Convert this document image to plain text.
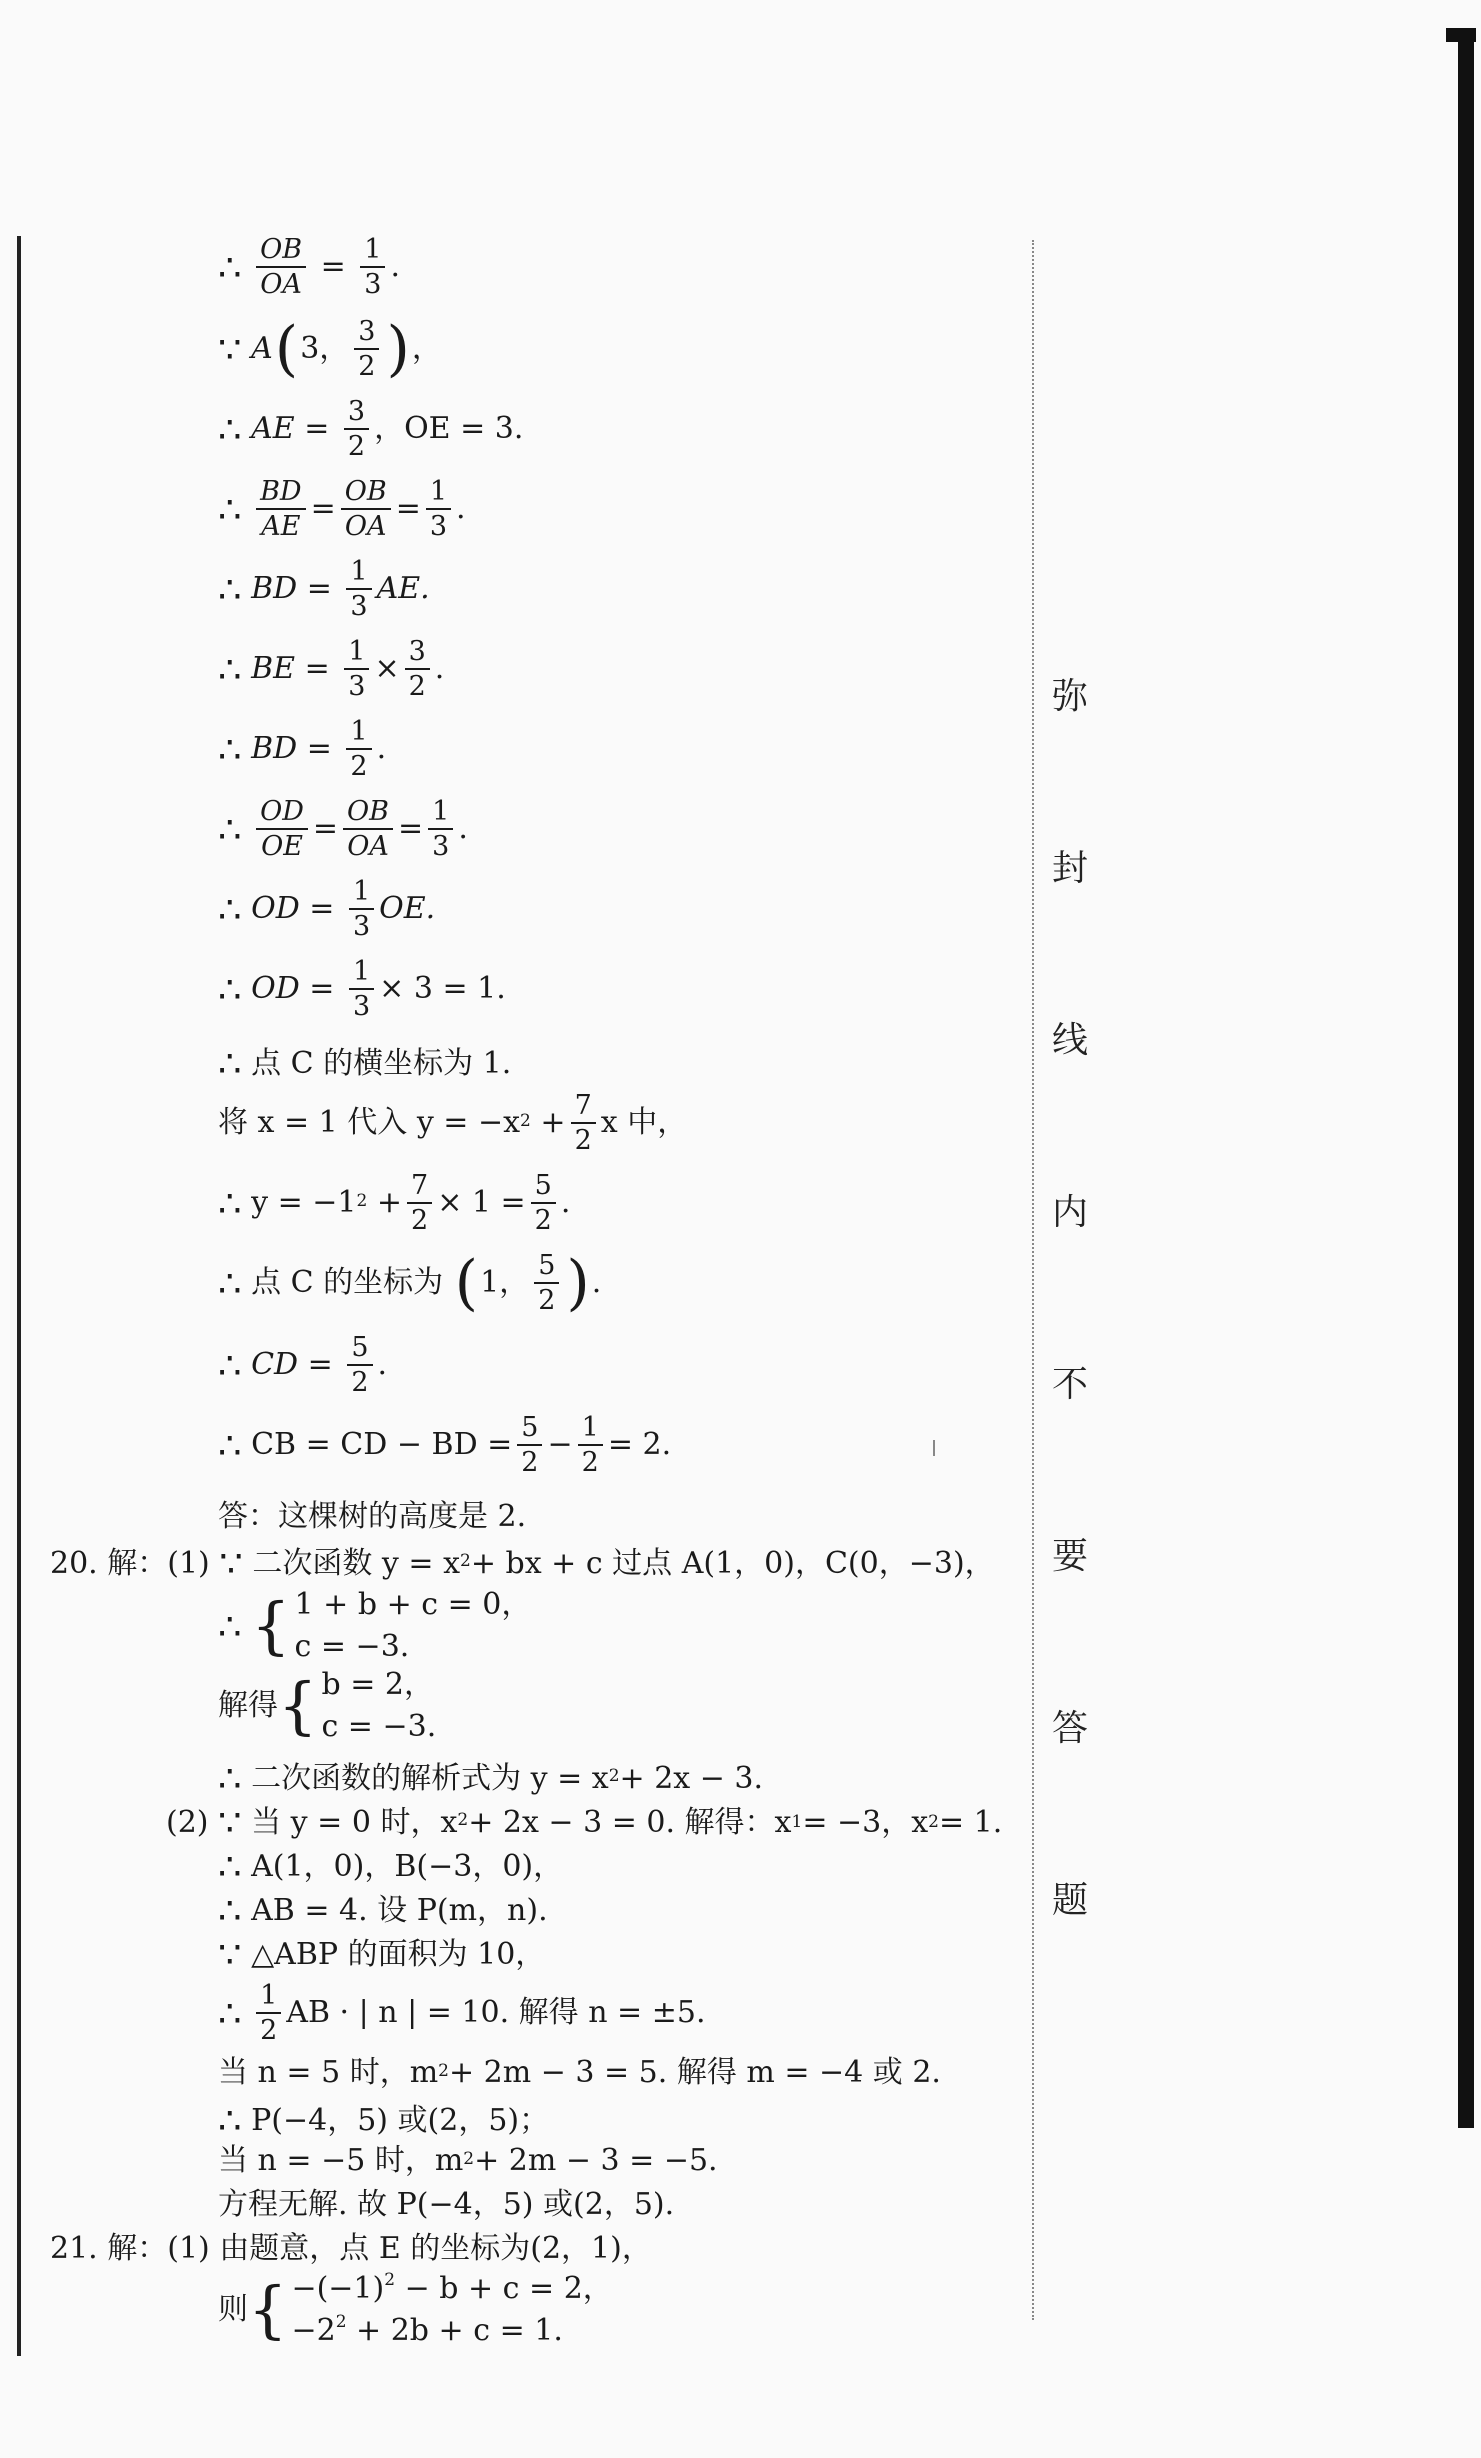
弥
封
线
内
不
要
答
题
∴
$\frac{OB}{OA} = \frac{1}{3}$ .
∵
A ( 3， $\frac{3}{2}$ ) ，
∴
AE = $\frac{3}{2}$ ，OE = 3.
∴
$\frac{BD}{AE} = \frac{OB}{OA} = \frac{1}{3}$ .
∴
BD = $\frac{1}{3}$ AE.
∴
BE = $\frac{1}{3} \times \frac{3}{2}$ .
∴
BD = $\frac{1}{2}$ .
∴
$\frac{OD}{OE} = \frac{OB}{OA} = \frac{1}{3}$ .
∴
OD = $\frac{1}{3}$ OE.
∴
OD = $\frac{1}{3} \times 3 = 1$.
∴
点 C 的横坐标为 1.
将 x = 1 代入 $y = -x^2$
+ $\frac{7}{2}$ x 中，
∴
$y = -1^2$
+ $\frac{7}{2} \times 1 = \frac{5}{2}$ .
∴
点 C 的坐标为
( 1， $\frac{5}{2}$ ) .
∴
CD = $\frac{5}{2}$ .
∴
CB = CD − BD = $\frac{5}{2} - \frac{1}{2} = 2$.
答：这棵树的高度是 2.
20. 解：(1)
∵
二次函数 $y = x^2$ + bx + c 过点 A(1，0)，C(0，−3)，
∴
{ 1 + b + c = 0，
c = −3.
解得 { b = 2，
c = −3.
∴
二次函数的解析式为 $y = x^2 + 2x - 3$.
(2)
∵
当 y = 0 时，$x^2 + 2x - 3 = 0$. 解得：x 1 = −3，x 2 = 1.
∴
A(1，0)，B(−3，0)，
∴
AB = 4. 设 P(m，n).
∵
△ABP 的面积为 10，
∴
$\frac{1}{2}$ AB · | n | = 10. 解得 n = ±5.
当 n = 5 时，$m^2 + 2m - 3 = 5$. 解得 m = −4 或 2.
∴
P(−4，5) 或(2，5)；
当 n = −5 时，$m^2 + 2m - 3 = -5$.
方程无解. 故 P(−4，5) 或(2，5).
21. 解：(1) 由题意，点 E 的坐标为(2，1)，
则 { $-(-1)^2 - b + c = 2$，
$-2^2 + 2b + c = 1$.
